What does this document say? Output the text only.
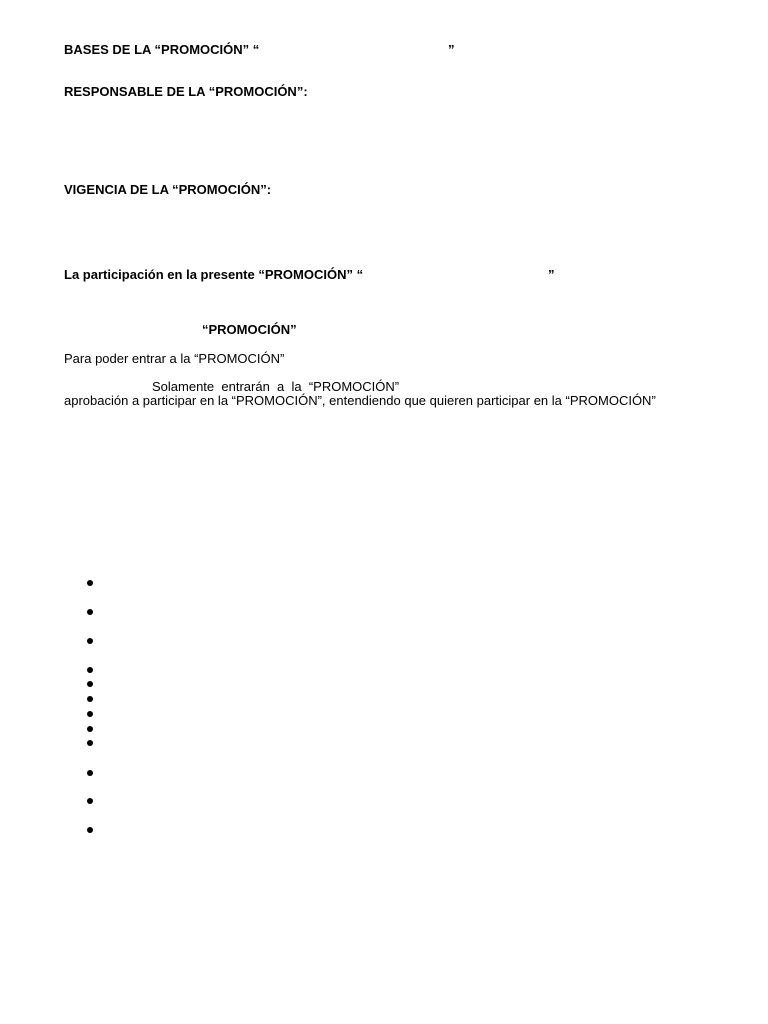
BASES DE LA “PROMOCIÓN” “	”
RESPONSABLE DE LA “PROMOCIÓN”:
VIGENCIA DE LA “PROMOCIÓN”:
La participación en la presente “PROMOCIÓN” “	”
“PROMOCIÓN”
Para poder entrar a la “PROMOCIÓN”
Solamente  entrarán  a  la  “PROMOCIÓN”
aprobación a participar en la “PROMOCIÓN”, entendiendo que quieren participar en la “PROMOCIÓN”
